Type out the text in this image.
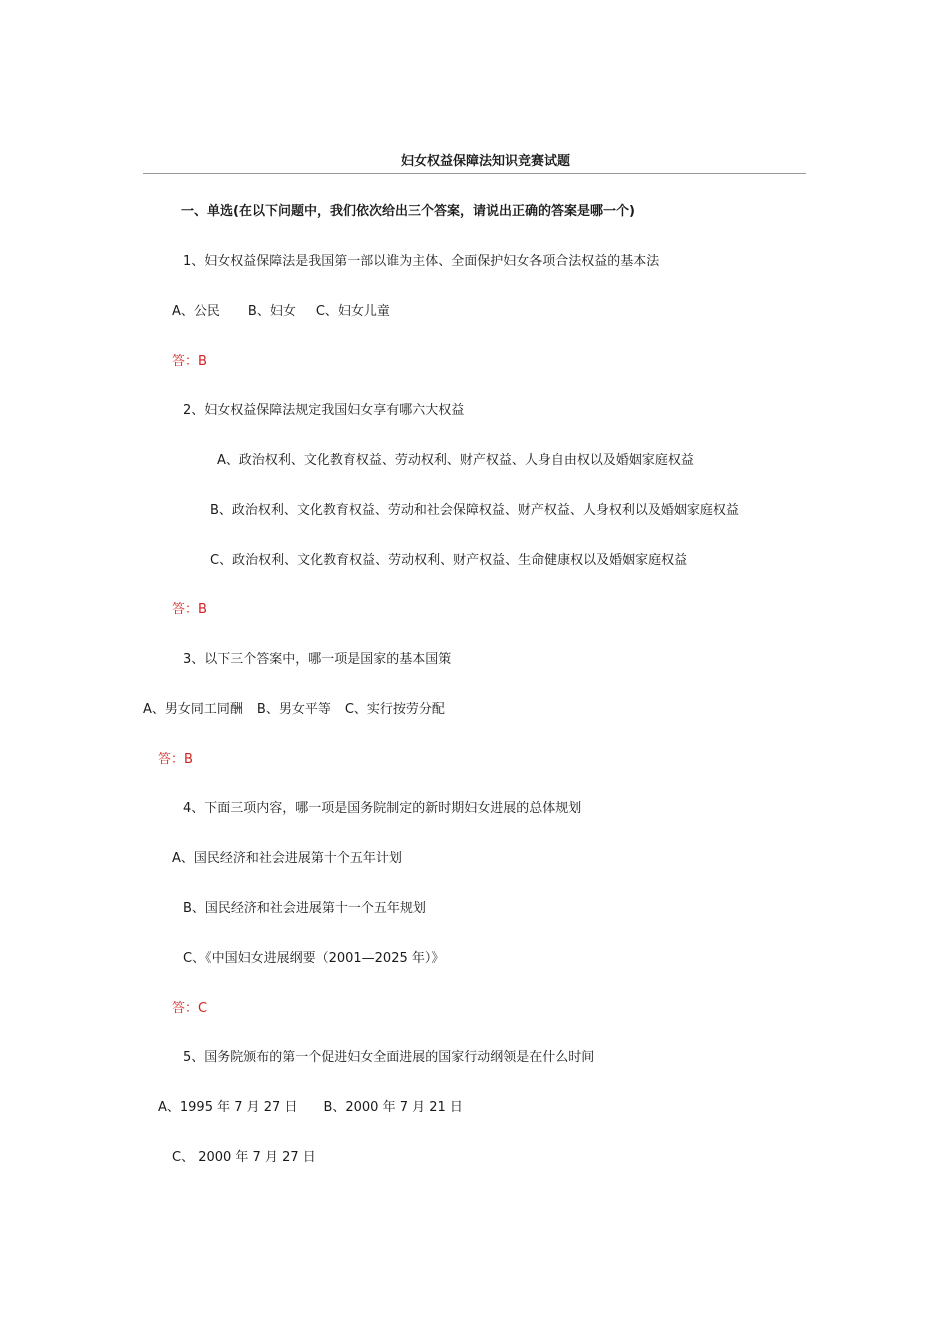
妇女权益保障法知识竞赛试题
一、单选(在以下问题中，我们依次给出三个答案，请说出正确的答案是哪一个)
1、妇女权益保障法是我国第一部以谁为主体、全面保护妇女各项合法权益的基本法
A、公民 B、妇女 C、妇女儿童
答：B
2、妇女权益保障法规定我国妇女享有哪六大权益
A、政治权利、文化教育权益、劳动权利、财产权益、人身自由权以及婚姻家庭权益
B、政治权利、文化教育权益、劳动和社会保障权益、财产权益、人身权利以及婚姻家庭权益
C、政治权利、文化教育权益、劳动权利、财产权益、生命健康权以及婚姻家庭权益
答：B
3、以下三个答案中，哪一项是国家的基本国策
A、男女同工同酬 B、男女平等 C、实行按劳分配
答：B
4、下面三项内容，哪一项是国务院制定的新时期妇女进展的总体规划
A、国民经济和社会进展第十个五年计划
B、国民经济和社会进展第十一个五年规划
C、《中国妇女进展纲要（2001—2025 年）》
答：C
5、国务院颁布的第一个促进妇女全面进展的国家行动纲领是在什么时间
A、1995 年 7 月 27 日 B、2000 年 7 月 21 日
C、 2000 年 7 月 27 日
